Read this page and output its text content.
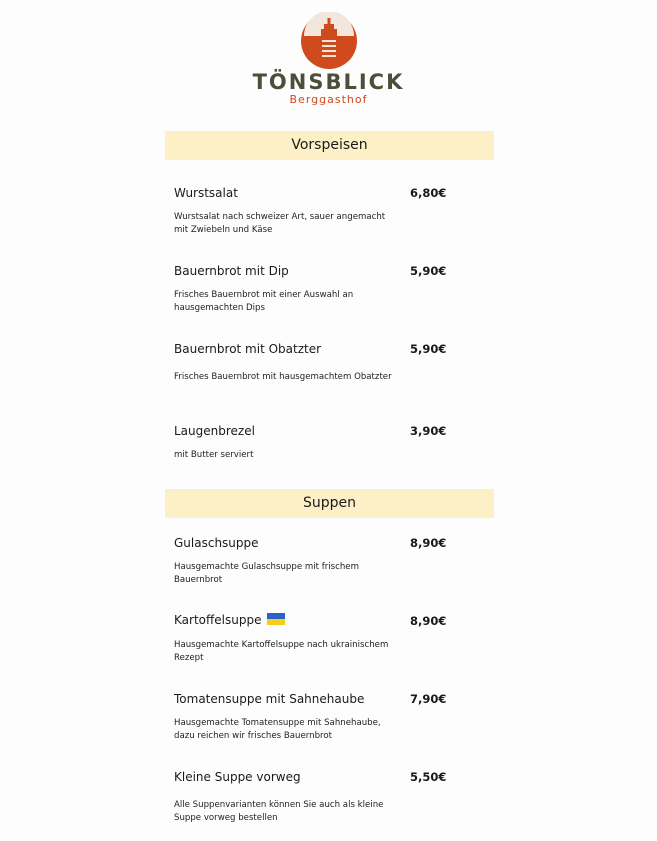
TÖNSBLICK
Berggasthof
Vorspeisen
Wurstsalat	6,80€
Wurstsalat nach schweizer Art, sauer angemacht mit Zwiebeln und Käse
Bauernbrot mit Dip	5,90€
Frisches Bauernbrot mit einer Auswahl an hausgemachten Dips
Bauernbrot mit Obatzter	5,90€
Frisches Bauernbrot mit hausgemachtem Obatzter
Laugenbrezel	3,90€
mit Butter serviert
Suppen
Gulaschsuppe	8,90€
Hausgemachte Gulaschsuppe mit frischem Bauernbrot
Kartoffelsuppe	8,90€
Hausgemachte Kartoffelsuppe nach ukrainischem Rezept
Tomatensuppe mit Sahnehaube	7,90€
Hausgemachte Tomatensuppe mit Sahnehaube, dazu reichen wir frisches Bauernbrot
Kleine Suppe vorweg	5,50€
Alle Suppenvarianten können Sie auch als kleine Suppe vorweg bestellen
